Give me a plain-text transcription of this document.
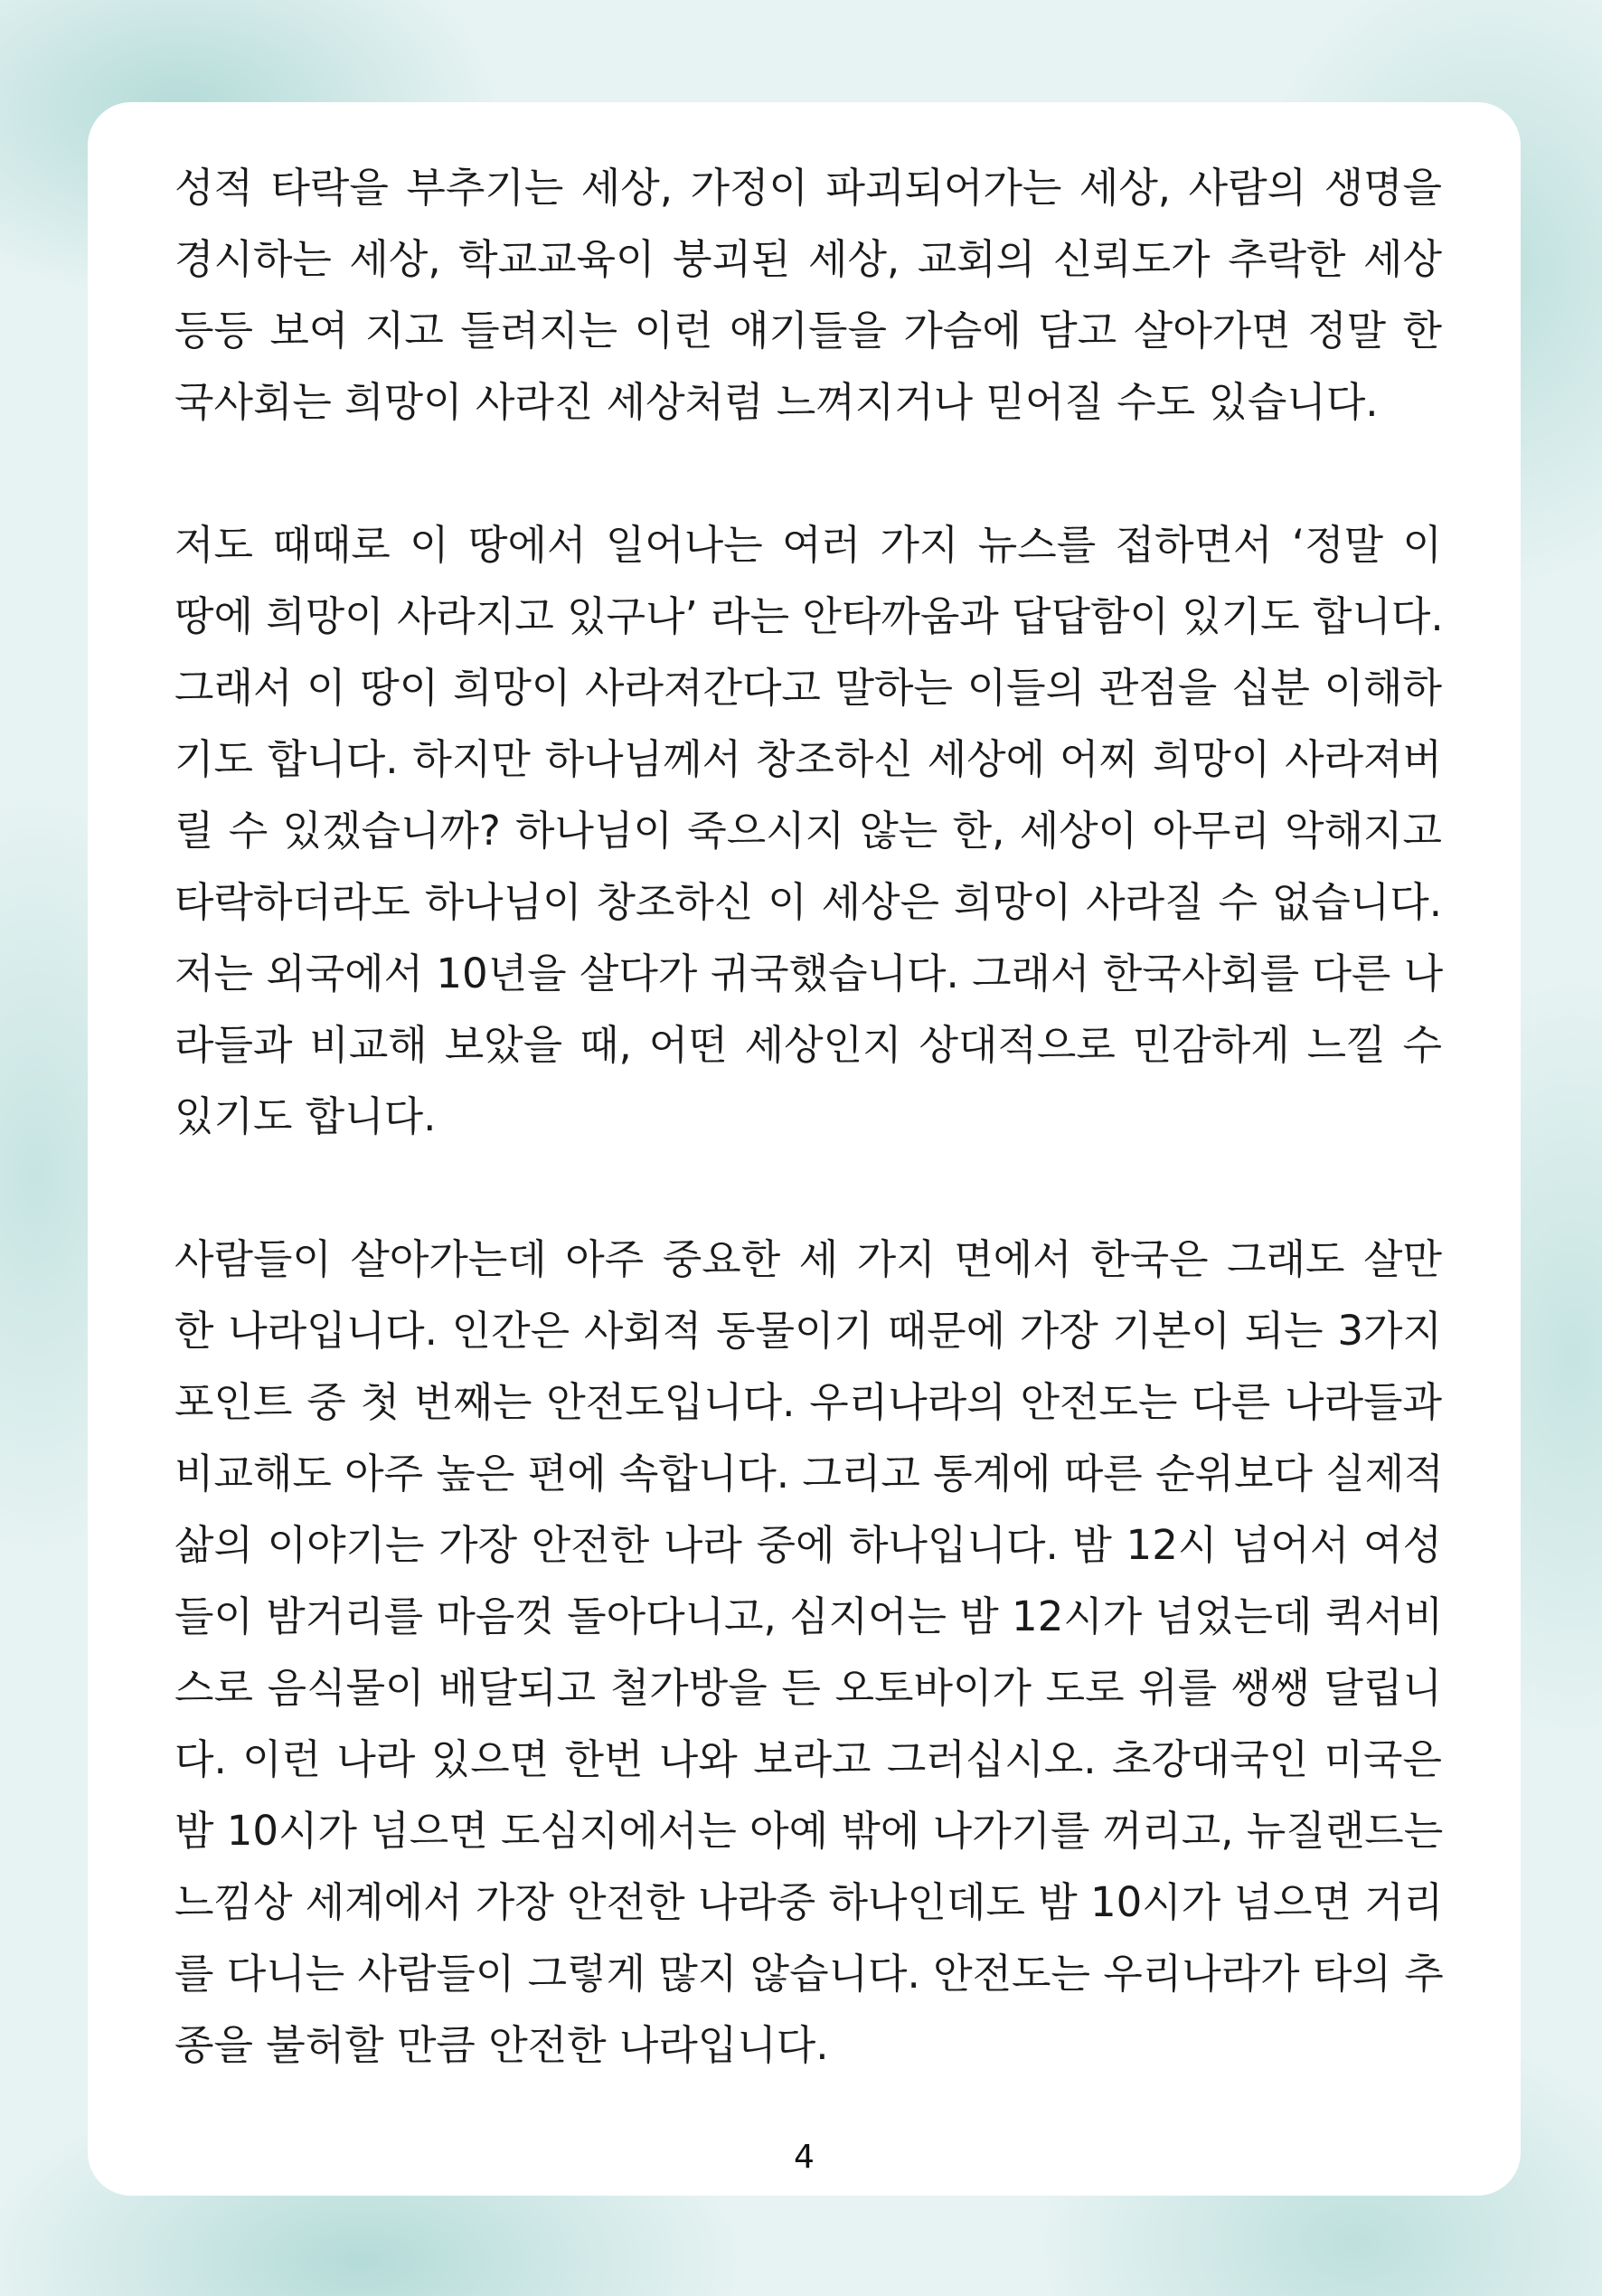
성적 타락을 부추기는 세상, 가정이 파괴되어가는 세상, 사람의 생명을
경시하는 세상, 학교교육이 붕괴된 세상, 교회의 신뢰도가 추락한 세상
등등 보여 지고 들려지는 이런 얘기들을 가슴에 담고 살아가면 정말 한
국사회는 희망이 사라진 세상처럼 느껴지거나 믿어질 수도 있습니다.
저도 때때로 이 땅에서 일어나는 여러 가지 뉴스를 접하면서 ‘정말 이
땅에 희망이 사라지고 있구나’ 라는 안타까움과 답답함이 있기도 합니다.
그래서 이 땅이 희망이 사라져간다고 말하는 이들의 관점을 십분 이해하
기도 합니다. 하지만 하나님께서 창조하신 세상에 어찌 희망이 사라져버
릴 수 있겠습니까? 하나님이 죽으시지 않는 한, 세상이 아무리 악해지고
타락하더라도 하나님이 창조하신 이 세상은 희망이 사라질 수 없습니다.
저는 외국에서 10년을 살다가 귀국했습니다. 그래서 한국사회를 다른 나
라들과 비교해 보았을 때, 어떤 세상인지 상대적으로 민감하게 느낄 수
있기도 합니다.
사람들이 살아가는데 아주 중요한 세 가지 면에서 한국은 그래도 살만
한 나라입니다. 인간은 사회적 동물이기 때문에 가장 기본이 되는 3가지
포인트 중 첫 번째는 안전도입니다. 우리나라의 안전도는 다른 나라들과
비교해도 아주 높은 편에 속합니다. 그리고 통계에 따른 순위보다 실제적
삶의 이야기는 가장 안전한 나라 중에 하나입니다. 밤 12시 넘어서 여성
들이 밤거리를 마음껏 돌아다니고, 심지어는 밤 12시가 넘었는데 퀵서비
스로 음식물이 배달되고 철가방을 든 오토바이가 도로 위를 쌩쌩 달립니
다. 이런 나라 있으면 한번 나와 보라고 그러십시오. 초강대국인 미국은
밤 10시가 넘으면 도심지에서는 아예 밖에 나가기를 꺼리고, 뉴질랜드는
느낌상 세계에서 가장 안전한 나라중 하나인데도 밤 10시가 넘으면 거리
를 다니는 사람들이 그렇게 많지 않습니다. 안전도는 우리나라가 타의 추
종을 불허할 만큼 안전한 나라입니다.
4
